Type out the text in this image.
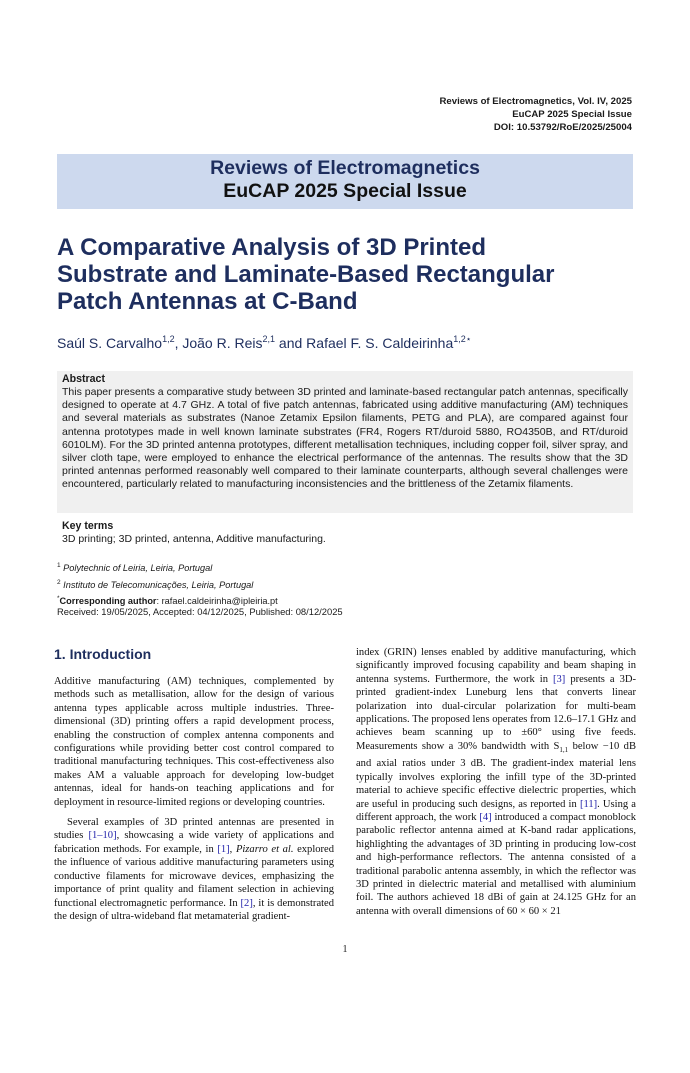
Reviews of Electromagnetics, Vol. IV, 2025
EuCAP 2025 Special Issue
DOI: 10.53792/RoE/2025/25004
Reviews of Electromagnetics
EuCAP 2025 Special Issue
A Comparative Analysis of 3D Printed
Substrate and Laminate-Based Rectangular
Patch Antennas at C-Band
Saúl S. Carvalho$^{1,2}$, João R. Reis$^{2,1}$ and Rafael F. S. Caldeirinha$^{1,2⋆}$
Abstract
This paper presents a comparative study between 3D printed and laminate-based rectangular patch antennas, specifically designed to operate at 4.7 GHz. A total of five patch antennas, fabricated using additive manufacturing (AM) techniques and several materials as substrates (Nanoe Zetamix Epsilon filaments, PETG and PLA), are compared against four antenna prototypes made in well known laminate substrates (FR4, Rogers RT/duroid 5880, RO4350B, and RT/duroid 6010LM). For the 3D printed antenna prototypes, different metallisation techniques, including copper foil, silver spray, and silver cloth tape, were employed to enhance the electrical performance of the antennas. The results show that the 3D printed antennas performed reasonably well compared to their laminate counterparts, although several challenges were encountered, particularly related to manufacturing inconsistencies and the brittleness of the Zetamix filaments.
Key terms
3D printing; 3D printed, antenna, Additive manufacturing.
$^1$ Polytechnic of Leiria, Leiria, Portugal
$^2$ Instituto de Telecomunicações, Leiria, Portugal
*Corresponding author: rafael.caldeirinha@ipleiria.pt
Received: 19/05/2025, Accepted: 04/12/2025, Published: 08/12/2025
1. Introduction

Additive manufacturing (AM) techniques, complemented by methods such as metallisation, allow for the design of various antenna types applicable across multiple industries. Three-dimensional (3D) printing offers a rapid development process, enabling the construction of complex antenna components and configurations while providing better cost control compared to traditional manufacturing techniques. This cost-effectiveness also makes AM a valuable approach for developing low-budget antennas, ideal for hands-on teaching applications and for deployment in resource-limited regions or developing countries.

Several examples of 3D printed antennas are presented in studies [1–10], showcasing a wide variety of applications and fabrication methods. For example, in [1], Pizarro et al. explored the influence of various additive manufacturing parameters using conductive filaments for microwave devices, emphasizing the importance of print quality and filament selection in achieving functional electromagnetic performance. In [2], it is demonstrated the design of ultra-wideband flat metamaterial gradient-

index (GRIN) lenses enabled by additive manufacturing, which significantly improved focusing capability and beam shaping in antenna systems. Furthermore, the work in [3] presents a 3D-printed gradient-index Luneburg lens that converts linear polarization into dual-circular polarization for multi-beam applications. The proposed lens operates from 12.6–17.1 GHz and achieves beam scanning up to ±60° using five feeds. Measurements show a 30% bandwidth with $S_{1,1}$ below −10 dB and axial ratios under 3 dB. The gradient-index material lens typically involves exploring the infill type of the 3D-printed material to achieve specific effective dielectric properties, which are useful in producing such designs, as reported in [11]. Using a different approach, the work [4] introduced a compact monoblock parabolic reflector antenna aimed at K-band radar applications, highlighting the advantages of 3D printing in producing low-cost and high-performance reflectors. The antenna consisted of a traditional parabolic antenna assembly, in which the reflector was 3D printed in dielectric material and metallised with aluminium foil. The authors achieved 18 dBi of gain at 24.125 GHz for an antenna with overall dimensions of 60 × 60 × 21

1
